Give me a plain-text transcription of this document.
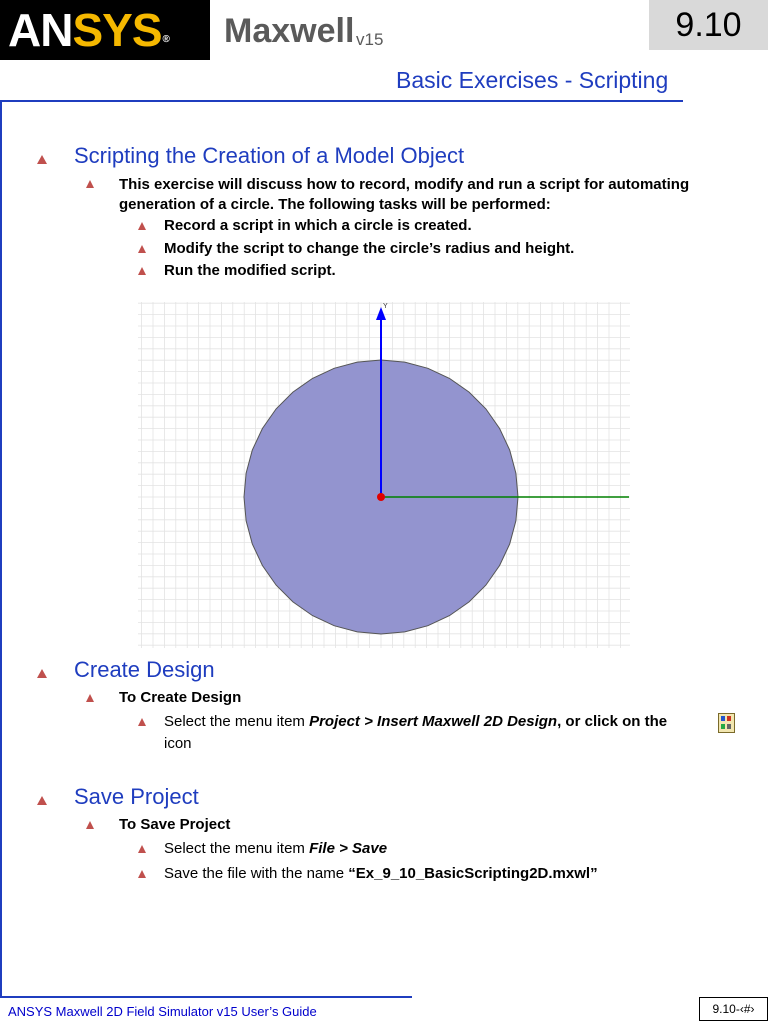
AN SYS ® Maxwell v15	9.10
Basic Exercises - Scripting
Scripting the Creation of a Model Object
This exercise will discuss how to record, modify and run a script for automating
generation of a circle. The following tasks will be performed:
Record a script in which a circle is created.
Modify the script to change the circle’s radius and height.
Run the modified script.
Y
Create Design
To Create Design
Select the menu item Project > Insert Maxwell 2D Design, or click on the
icon
Save Project
To Save Project
Select the menu item File > Save
Save the file with the name “Ex_9_10_BasicScripting2D.mxwl”
ANSYS Maxwell 2D Field Simulator v15 User’s Guide	9.10-‹#›
